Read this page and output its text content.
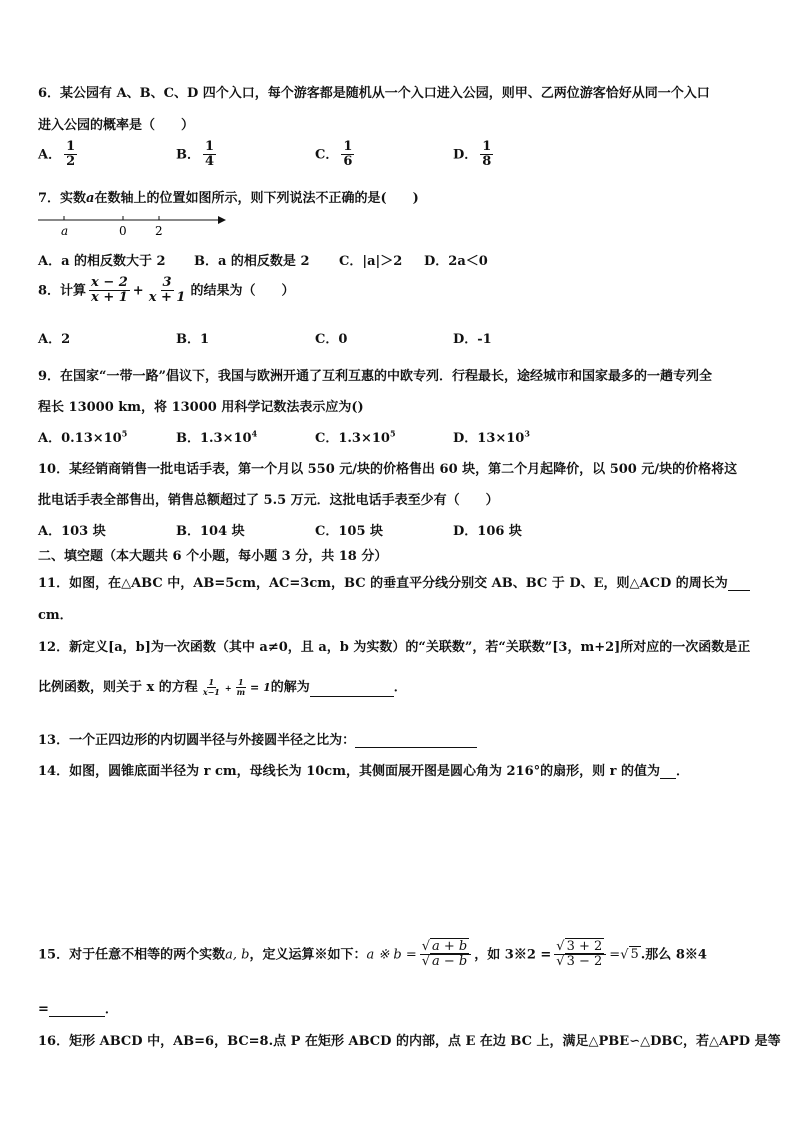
6．某公园有 A、B、C、D 四个入口，每个游客都是随机从一个入口进入公园，则甲、乙两位游客恰好从同一个入口
进入公园的概率是（　　）
A． $\frac{1}{2}$	B． $\frac{1}{4}$	C． $\frac{1}{6}$	D． $\frac{1}{8}$
7．实数a在数轴上的位置如图所示，则下列说法不正确的是(　　)
a	0 2
A．a 的相反数大于 2 B．a 的相反数是 2 C．|a|＞2 D．2a＜0
8．计算 $\frac{x - 2}{x + 1} + \frac{3}{x + 1}$ 的结果为（　　）
A．2	B．1	C．0	D．-1
9．在国家“一带一路”倡议下，我国与欧洲开通了互利互惠的中欧专列．行程最长，途经城市和国家最多的一趟专列全
程长 13000 km，将 13000 用科学记数法表示应为()
A．$0.13\times 10^5$	B．$1.3\times 10^4$	C．$1.3\times 10^5$	D．$13\times 10^3$
10．某经销商销售一批电话手表，第一个月以 550 元/块的价格售出 60 块，第二个月起降价，以 500 元/块的价格将这
批电话手表全部售出，销售总额超过了 5.5 万元．这批电话手表至少有（　　）
A．103 块	B．104 块	C．105 块	D．106 块
二、填空题（本大题共 6 个小题，每小题 3 分，共 18 分）
11．如图，在△ABC 中，AB=5cm，AC=3cm，BC 的垂直平分线分别交 AB、BC 于 D、E，则△ACD 的周长为
cm．
12．新定义[a，b]为一次函数（其中 a≠0，且 a，b 为实数）的“关联数”，若“关联数”[3，m+2]所对应的一次函数是正
比例函数，则关于 x 的方程 $\frac{1}{x-1} + \frac{1}{m} = 1$的解为	．
13．一个正四边形的内切圆半径与外接圆半径之比为：
14．如图，圆锥底面半径为 r cm，母线长为 10cm，其侧面展开图是圆心角为 216°的扇形，则 r 的值为 ．
15．对于任意不相等的两个实数a, b，定义运算※如下：a ※ $b = \frac{√ a + b}{√ a - b}$ ，如 3※2 = $\frac{√ 3 + 2}{√ 3 - 2}$ =√ 5 .那么 8※4
=	．
16．矩形 ABCD 中，AB=6，BC=8.点 P 在矩形 ABCD 的内部，点 E 在边 BC 上，满足△PBE∽△DBC，若△APD 是等
